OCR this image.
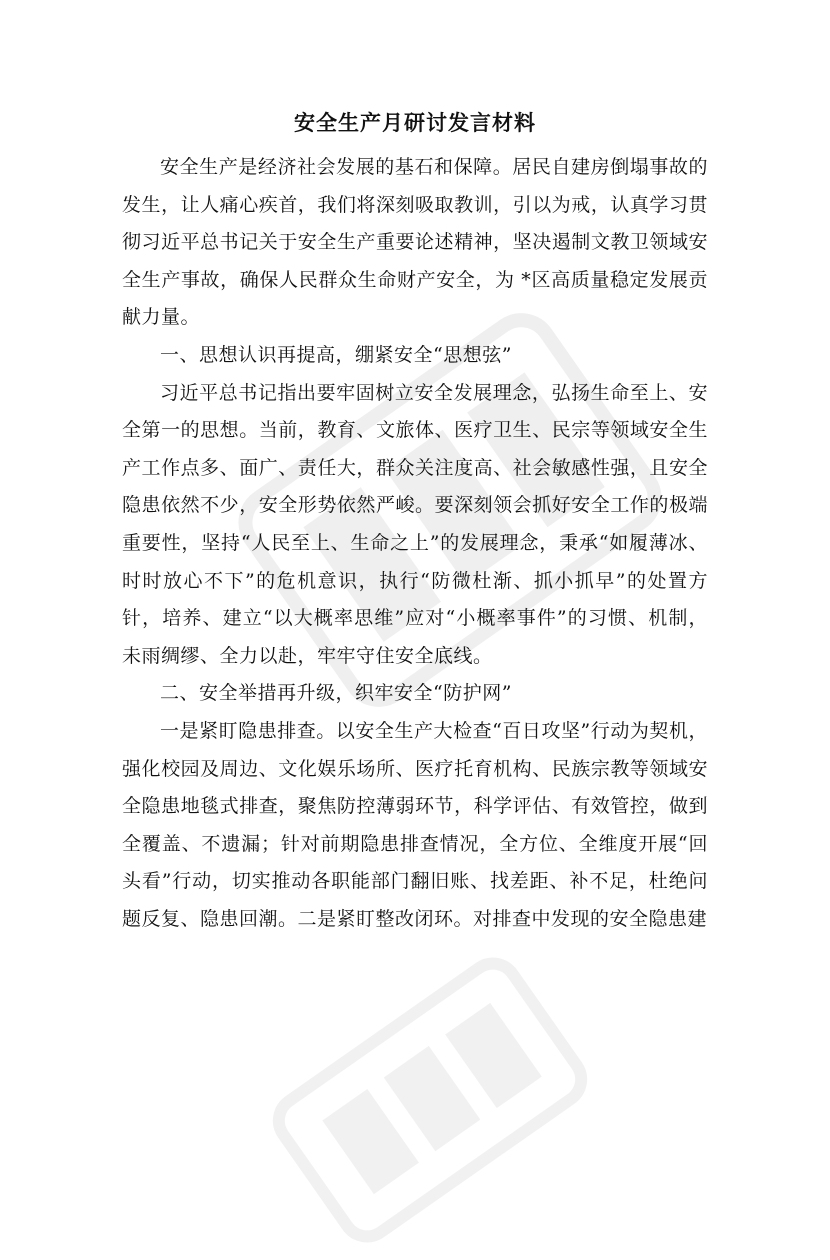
安全生产月研讨发言材料

安全生产是经济社会发展的基石和保障。居民自建房倒塌事故的发生，让人痛心疾首，我们将深刻吸取教训，引以为戒，认真学习贯彻习近平总书记关于安全生产重要论述精神，坚决遏制文教卫领域安全生产事故，确保人民群众生命财产安全，为 *区高质量稳定发展贡献力量。

一、思想认识再提高，绷紧安全“思想弦”

习近平总书记指出要牢固树立安全发展理念，弘扬生命至上、安全第一的思想。当前，教育、文旅体、医疗卫生、民宗等领域安全生产工作点多、面广、责任大，群众关注度高、社会敏感性强，且安全隐患依然不少，安全形势依然严峻。要深刻领会抓好安全工作的极端重要性，坚持“人民至上、生命之上”的发展理念，秉承“如履薄冰、时时放心不下”的危机意识，执行“防微杜渐、抓小抓早”的处置方针，培养、建立“以大概率思维”应对“小概率事件”的习惯、机制，未雨绸缪、全力以赴，牢牢守住安全底线。

二、安全举措再升级，织牢安全“防护网”

一是紧盯隐患排查。以安全生产大检查“百日攻坚”行动为契机，强化校园及周边、文化娱乐场所、医疗托育机构、民族宗教等领域安全隐患地毯式排查，聚焦防控薄弱环节，科学评估、有效管控，做到全覆盖、不遗漏；针对前期隐患排查情况，全方位、全维度开展“回头看”行动，切实推动各职能部门翻旧账、找差距、补不足，杜绝问题反复、隐患回潮。二是紧盯整改闭环。对排查中发现的安全隐患建
